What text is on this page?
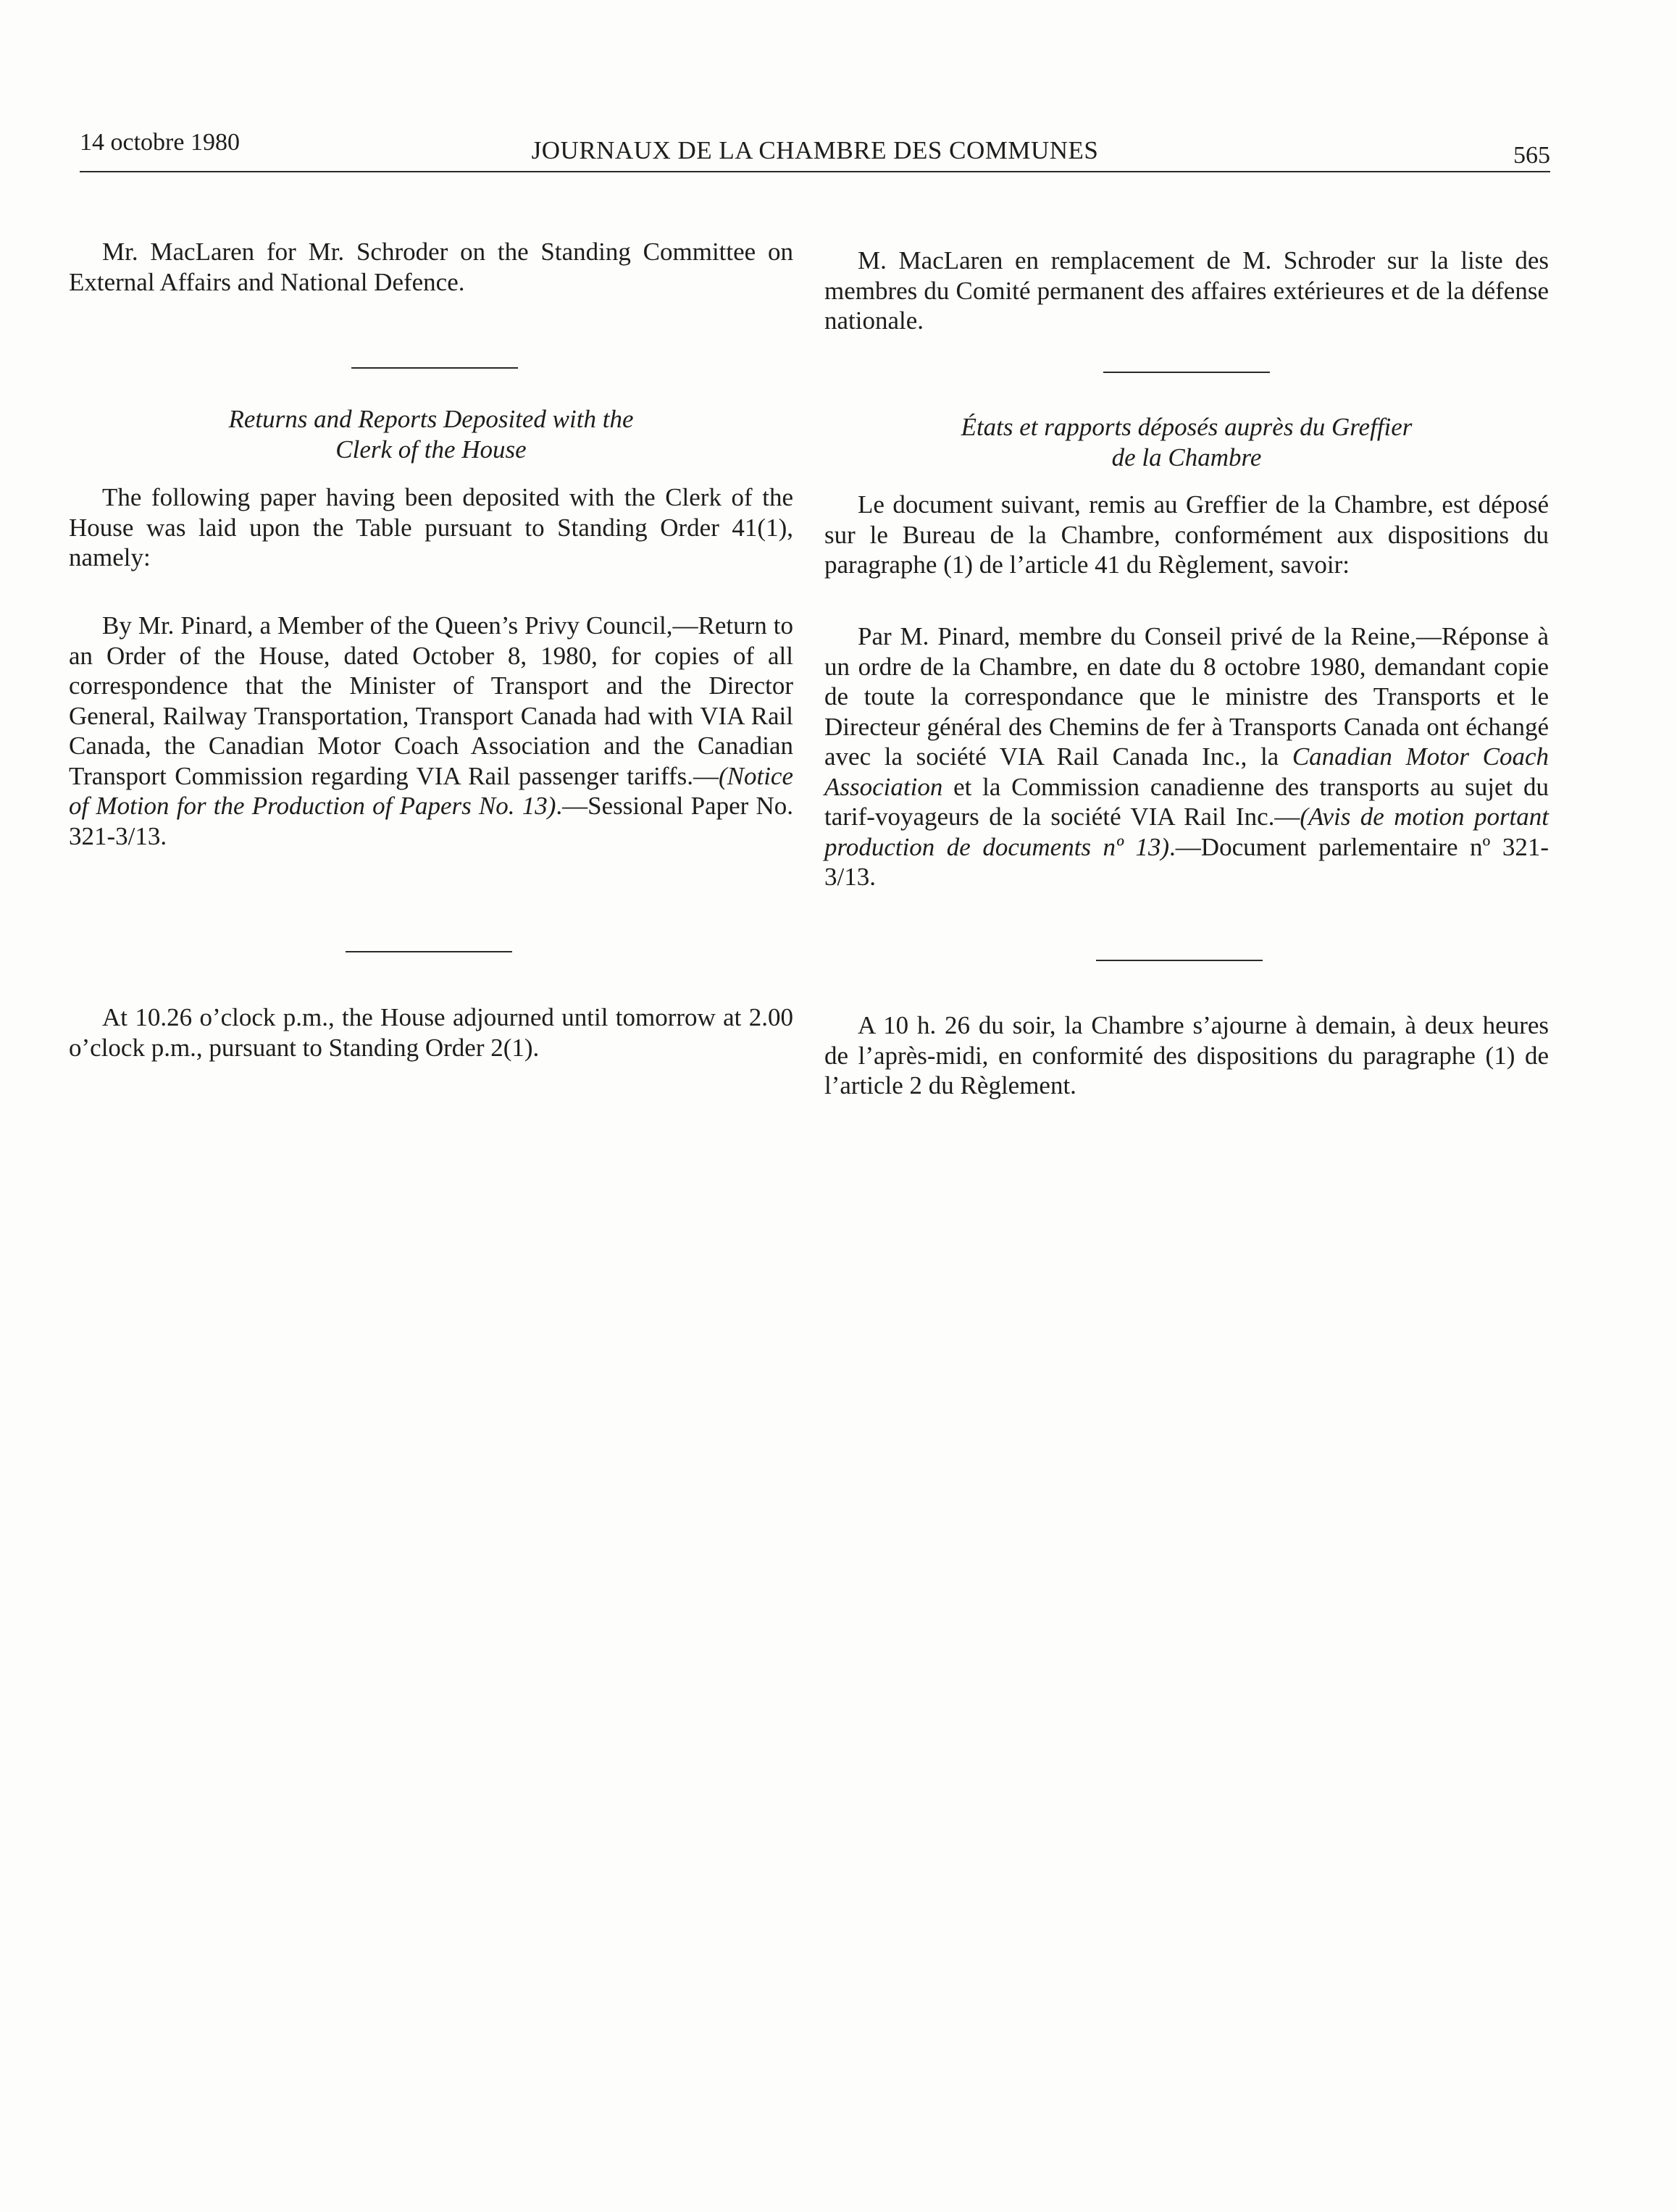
14 octobre 1980	JOURNAUX DE LA CHAMBRE DES COMMUNES	565

Mr. MacLaren for Mr. Schroder on the Standing Committee on External Affairs and National Defence.

Returns and Reports Deposited with the
Clerk of the House

The following paper having been deposited with the Clerk of the House was laid upon the Table pursuant to Standing Order 41(1), namely:

By Mr. Pinard, a Member of the Queen’s Privy Council,—Return to an Order of the House, dated October 8, 1980, for copies of all correspondence that the Minister of Transport and the Director General, Railway Transportation, Transport Canada had with VIA Rail Canada, the Canadian Motor Coach Association and the Canadian Transport Commission regarding VIA Rail passenger tariffs.—(Notice of Motion for the Production of Papers No. 13).—Sessional Paper No. 321-3/13.

At 10.26 o’clock p.m., the House adjourned until tomorrow at 2.00 o’clock p.m., pursuant to Standing Order 2(1).

M. MacLaren en remplacement de M. Schroder sur la liste des membres du Comité permanent des affaires extérieures et de la défense nationale.

États et rapports déposés auprès du Greffier
de la Chambre

Le document suivant, remis au Greffier de la Chambre, est déposé sur le Bureau de la Chambre, conformément aux dispositions du paragraphe (1) de l’article 41 du Règlement, savoir:

Par M. Pinard, membre du Conseil privé de la Reine,—Réponse à un ordre de la Chambre, en date du 8 octobre 1980, demandant copie de toute la correspondance que le ministre des Transports et le Directeur général des Chemins de fer à Transports Canada ont échangé avec la société VIA Rail Canada Inc., la Canadian Motor Coach Association et la Commission canadienne des transports au sujet du tarif-voyageurs de la société VIA Rail Inc.—(Avis de motion portant production de documents nº 13).—Document parlementaire nº 321-3/13.

A 10 h. 26 du soir, la Chambre s’ajourne à demain, à deux heures de l’après-midi, en conformité des dispositions du paragraphe (1) de l’article 2 du Règlement.
